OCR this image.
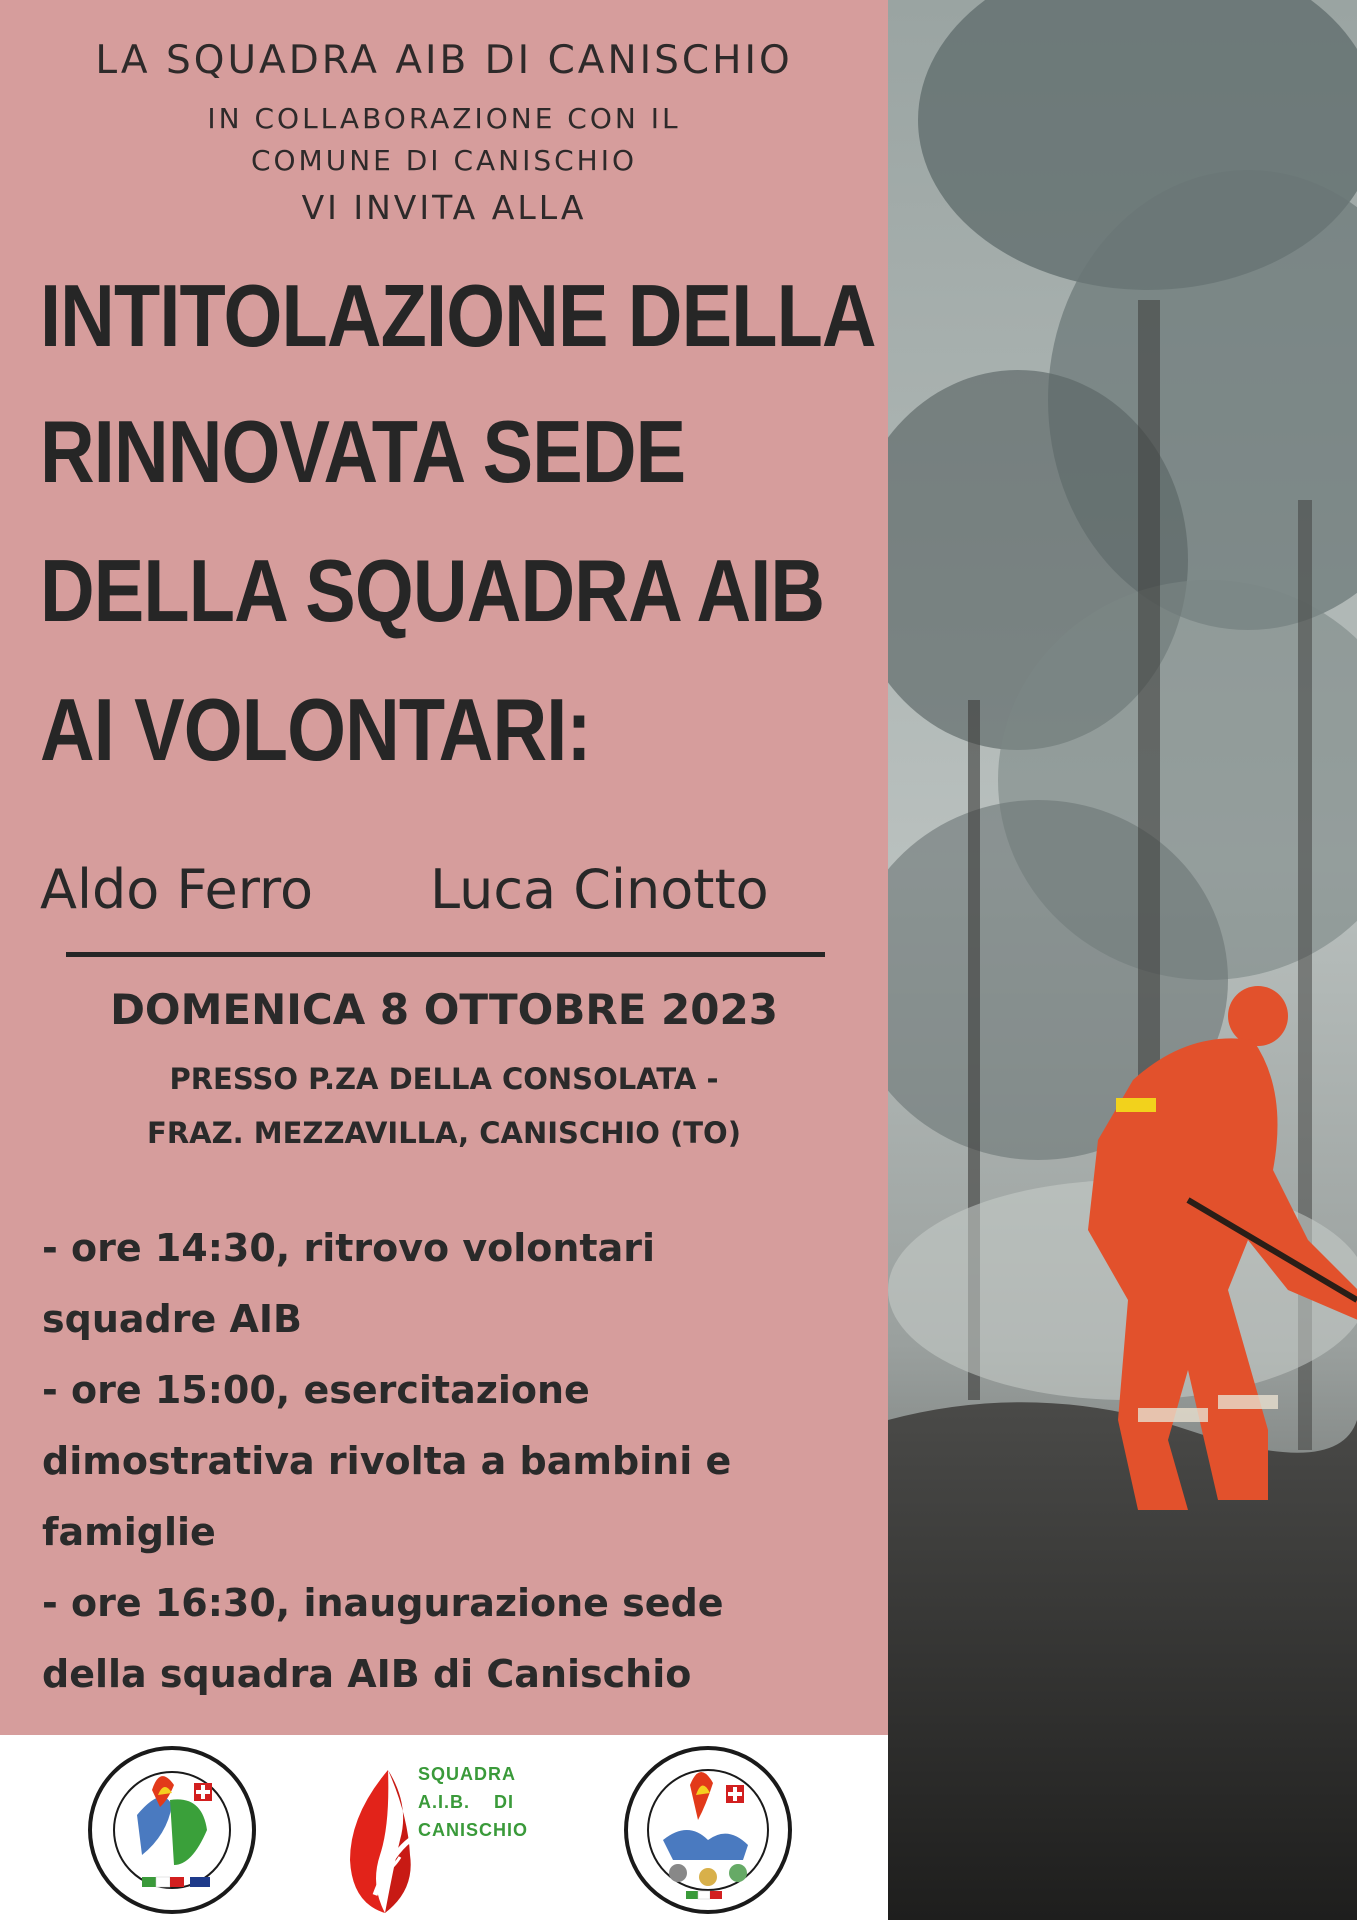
LA SQUADRA AIB DI CANISCHIO
IN COLLABORAZIONE CON IL
COMUNE DI CANISCHIO
VI INVITA ALLA
INTITOLAZIONE DELLA
RINNOVATA SEDE
DELLA SQUADRA AIB
AI VOLONTARI:
Aldo Ferro Luca Cinotto
DOMENICA 8 OTTOBRE 2023
PRESSO P.ZA DELLA CONSOLATA -
FRAZ. MEZZAVILLA, CANISCHIO (TO)
- ore 14:30, ritrovo volontari
squadre AIB
- ore 15:00, esercitazione
dimostrativa rivolta a bambini e
famiglie
- ore 16:30, inaugurazione sede
della squadra AIB di Canischio
SQUADRA
A.I.B.    DI
CANISCHIO
